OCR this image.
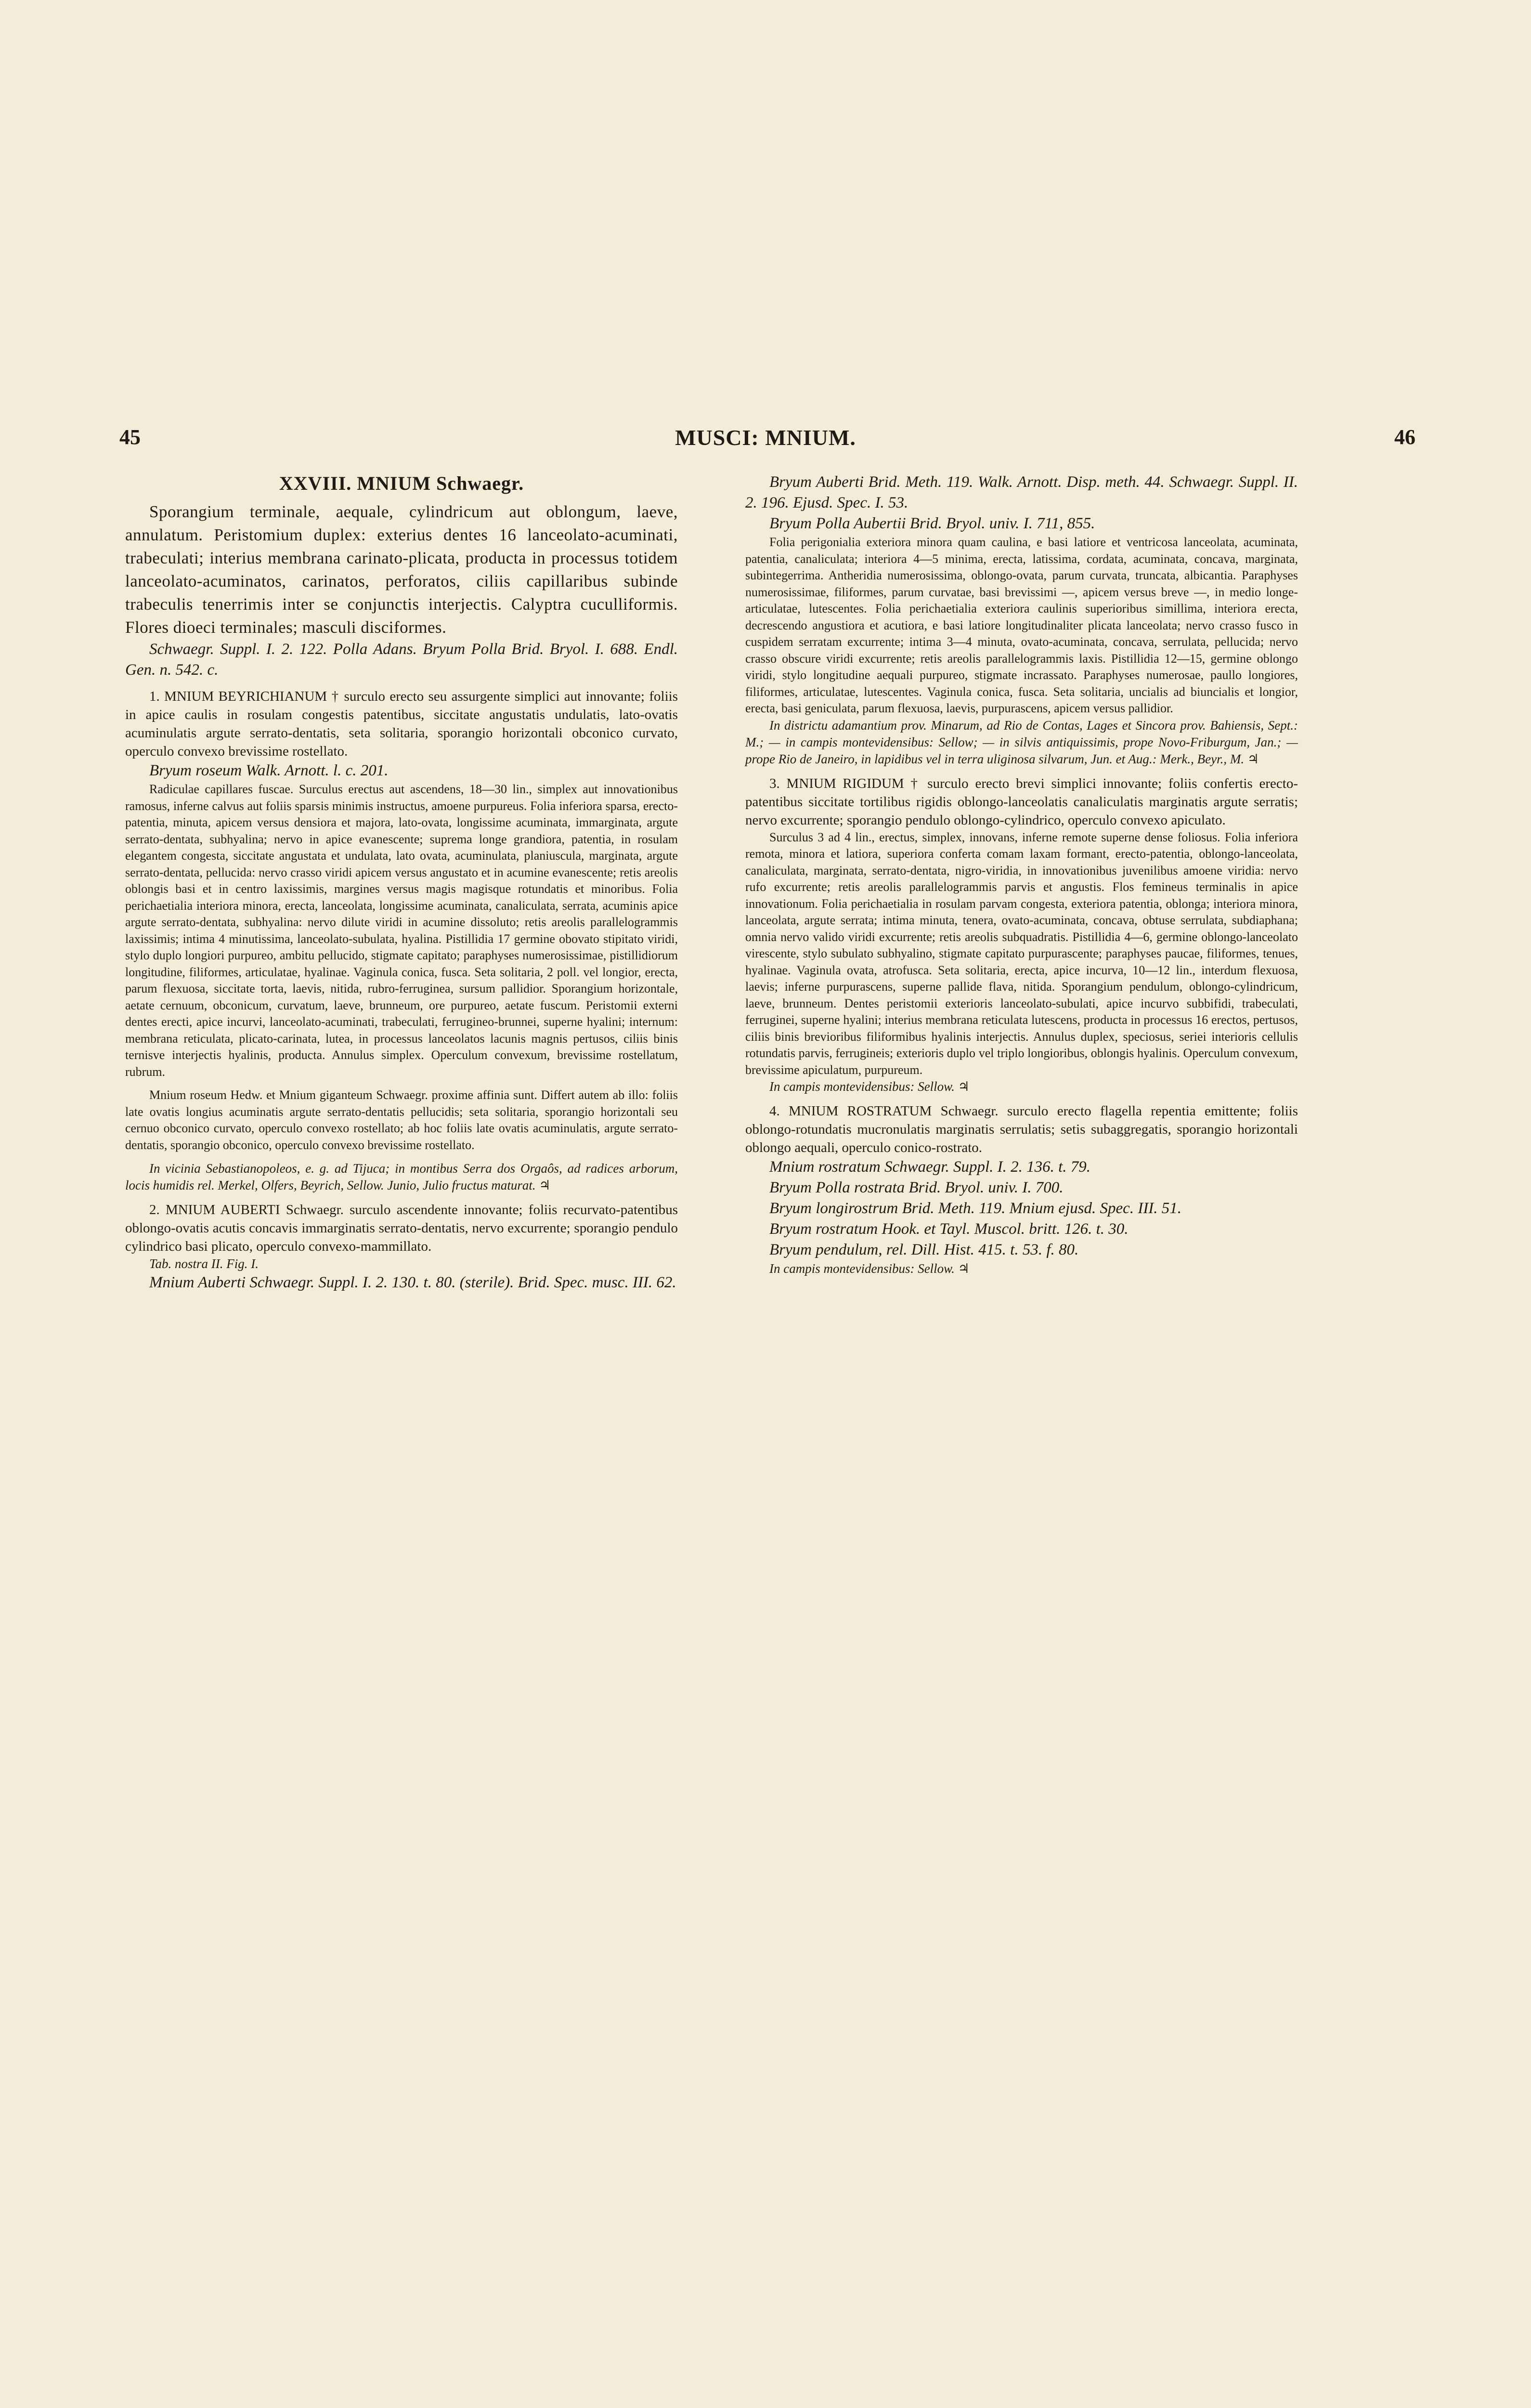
45	MUSCI: MNIUM.	46

XXVIII. MNIUM Schwaegr.

Sporangium terminale, aequale, cylindricum aut oblongum, laeve, annulatum. Peristomium duplex: exterius dentes 16 lanceolato-acuminati, trabeculati; interius membrana carinato-plicata, producta in processus totidem lanceolato-acuminatos, carinatos, perforatos, ciliis capillaribus subinde trabeculis tenerrimis inter se conjunctis interjectis. Calyptra cuculliformis. Flores dioeci terminales; masculi disciformes.

Schwaegr. Suppl. I. 2. 122. Polla Adans. Bryum Polla Brid. Bryol. I. 688. Endl. Gen. n. 542. c.

1. MNIUM BEYRICHIANUM † surculo erecto seu assurgente simplici aut innovante; foliis in apice caulis in rosulam congestis patentibus, siccitate angustatis undulatis, lato-ovatis acuminulatis argute serrato-dentatis, seta solitaria, sporangio horizontali obconico curvato, operculo convexo brevissime rostellato.

Bryum roseum Walk. Arnott. l. c. 201.

Radiculae capillares fuscae. Surculus erectus aut ascendens, 18—30 lin., simplex aut innovationibus ramosus, inferne calvus aut foliis sparsis minimis instructus, amoene purpureus. Folia inferiora sparsa, erecto-patentia, minuta, apicem versus densiora et majora, lato-ovata, longissime acuminata, immarginata, argute serrato-dentata, subhyalina; nervo in apice evanescente; suprema longe grandiora, patentia, in rosulam elegantem congesta, siccitate angustata et undulata, lato ovata, acuminulata, planiuscula, marginata, argute serrato-dentata, pellucida: nervo crasso viridi apicem versus angustato et in acumine evanescente; retis areolis oblongis basi et in centro laxissimis, margines versus magis magisque rotundatis et minoribus. Folia perichaetialia interiora minora, erecta, lanceolata, longissime acuminata, canaliculata, serrata, acuminis apice argute serrato-dentata, subhyalina: nervo dilute viridi in acumine dissoluto; retis areolis parallelogrammis laxissimis; intima 4 minutissima, lanceolato-subulata, hyalina. Pistillidia 17 germine obovato stipitato viridi, stylo duplo longiori purpureo, ambitu pellucido, stigmate capitato; paraphyses numerosissimae, pistillidiorum longitudine, filiformes, articulatae, hyalinae. Vaginula conica, fusca. Seta solitaria, 2 poll. vel longior, erecta, parum flexuosa, siccitate torta, laevis, nitida, rubro-ferruginea, sursum pallidior. Sporangium horizontale, aetate cernuum, obconicum, curvatum, laeve, brunneum, ore purpureo, aetate fuscum. Peristomii externi dentes erecti, apice incurvi, lanceolato-acuminati, trabeculati, ferrugineo-brunnei, superne hyalini; internum: membrana reticulata, plicato-carinata, lutea, in processus lanceolatos lacunis magnis pertusos, ciliis binis ternisve interjectis hyalinis, producta. Annulus simplex. Operculum convexum, brevissime rostellatum, rubrum.

Mnium roseum Hedw. et Mnium giganteum Schwaegr. proxime affinia sunt. Differt autem ab illo: foliis late ovatis longius acuminatis argute serrato-dentatis pellucidis; seta solitaria, sporangio horizontali seu cernuo obconico curvato, operculo convexo rostellato; ab hoc foliis late ovatis acuminulatis, argute serrato-dentatis, sporangio obconico, operculo convexo brevissime rostellato.

In vicinia Sebastianopoleos, e. g. ad Tijuca; in montibus Serra dos Orgaôs, ad radices arborum, locis humidis rel. Merkel, Olfers, Beyrich, Sellow. Junio, Julio fructus maturat. ♃

2. MNIUM AUBERTI Schwaegr. surculo ascendente innovante; foliis recurvato-patentibus oblongo-ovatis acutis concavis immarginatis serrato-dentatis, nervo excurrente; sporangio pendulo cylindrico basi plicato, operculo convexo-mammillato.

Tab. nostra II. Fig. I.

Mnium Auberti Schwaegr. Suppl. I. 2. 130. t. 80. (sterile). Brid. Spec. musc. III. 62.

Bryum Auberti Brid. Meth. 119. Walk. Arnott. Disp. meth. 44. Schwaegr. Suppl. II. 2. 196. Ejusd. Spec. I. 53.

Bryum Polla Aubertii Brid. Bryol. univ. I. 711, 855.

Folia perigonialia exteriora minora quam caulina, e basi latiore et ventricosa lanceolata, acuminata, patentia, canaliculata; interiora 4—5 minima, erecta, latissima, cordata, acuminata, concava, marginata, subintegerrima. Antheridia numerosissima, oblongo-ovata, parum curvata, truncata, albicantia. Paraphyses numerosissimae, filiformes, parum curvatae, basi brevissimi —, apicem versus breve —, in medio longe-articulatae, lutescentes. Folia perichaetialia exteriora caulinis superioribus simillima, interiora erecta, decrescendo angustiora et acutiora, e basi latiore longitudinaliter plicata lanceolata; nervo crasso fusco in cuspidem serratam excurrente; intima 3—4 minuta, ovato-acuminata, concava, serrulata, pellucida; nervo crasso obscure viridi excurrente; retis areolis parallelogrammis laxis. Pistillidia 12—15, germine oblongo viridi, stylo longitudine aequali purpureo, stigmate incrassato. Paraphyses numerosae, paullo longiores, filiformes, articulatae, lutescentes. Vaginula conica, fusca. Seta solitaria, uncialis ad biuncialis et longior, erecta, basi geniculata, parum flexuosa, laevis, purpurascens, apicem versus pallidior.

In districtu adamantium prov. Minarum, ad Rio de Contas, Lages et Sincora prov. Bahiensis, Sept.: M.; — in campis montevidensibus: Sellow; — in silvis antiquissimis, prope Novo-Friburgum, Jan.; — prope Rio de Janeiro, in lapidibus vel in terra uliginosa silvarum, Jun. et Aug.: Merk., Beyr., M. ♃

3. MNIUM RIGIDUM † surculo erecto brevi simplici innovante; foliis confertis erecto-patentibus siccitate tortilibus rigidis oblongo-lanceolatis canaliculatis marginatis argute serratis; nervo excurrente; sporangio pendulo oblongo-cylindrico, operculo convexo apiculato.

Surculus 3 ad 4 lin., erectus, simplex, innovans, inferne remote superne dense foliosus. Folia inferiora remota, minora et latiora, superiora conferta comam laxam formant, erecto-patentia, oblongo-lanceolata, canaliculata, marginata, serrato-dentata, nigro-viridia, in innovationibus juvenilibus amoene viridia: nervo rufo excurrente; retis areolis parallelogrammis parvis et angustis. Flos femineus terminalis in apice innovationum. Folia perichaetialia in rosulam parvam congesta, exteriora patentia, oblonga; interiora minora, lanceolata, argute serrata; intima minuta, tenera, ovato-acuminata, concava, obtuse serrulata, subdiaphana; omnia nervo valido viridi excurrente; retis areolis subquadratis. Pistillidia 4—6, germine oblongo-lanceolato virescente, stylo subulato subhyalino, stigmate capitato purpurascente; paraphyses paucae, filiformes, tenues, hyalinae. Vaginula ovata, atrofusca. Seta solitaria, erecta, apice incurva, 10—12 lin., interdum flexuosa, laevis; inferne purpurascens, superne pallide flava, nitida. Sporangium pendulum, oblongo-cylindricum, laeve, brunneum. Dentes peristomii exterioris lanceolato-subulati, apice incurvo subbifidi, trabeculati, ferruginei, superne hyalini; interius membrana reticulata lutescens, producta in processus 16 erectos, pertusos, ciliis binis brevioribus filiformibus hyalinis interjectis. Annulus duplex, speciosus, seriei interioris cellulis rotundatis parvis, ferrugineis; exterioris duplo vel triplo longioribus, oblongis hyalinis. Operculum convexum, brevissime apiculatum, purpureum.

In campis montevidensibus: Sellow. ♃

4. MNIUM ROSTRATUM Schwaegr. surculo erecto flagella repentia emittente; foliis oblongo-rotundatis mucronulatis marginatis serrulatis; setis subaggregatis, sporangio horizontali oblongo aequali, operculo conico-rostrato.

Mnium rostratum Schwaegr. Suppl. I. 2. 136. t. 79.

Bryum Polla rostrata Brid. Bryol. univ. I. 700.

Bryum longirostrum Brid. Meth. 119. Mnium ejusd. Spec. III. 51.

Bryum rostratum Hook. et Tayl. Muscol. britt. 126. t. 30.

Bryum pendulum, rel. Dill. Hist. 415. t. 53. f. 80.

In campis montevidensibus: Sellow. ♃
